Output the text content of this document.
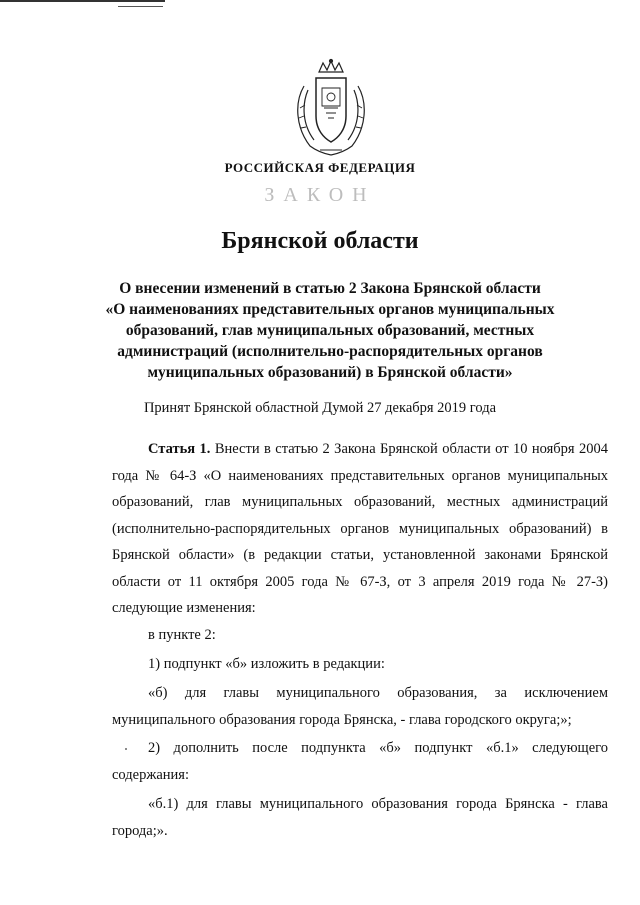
РОССИЙСКАЯ ФЕДЕРАЦИЯ
ЗАКОН
Брянской области
О внесении изменений в статью 2 Закона Брянской области
«О наименованиях представительных органов муниципальных
образований, глав муниципальных образований, местных
администраций (исполнительно-распорядительных органов
муниципальных образований) в Брянской области»
Принят Брянской областной Думой 27 декабря 2019 года
Статья 1. Внести в статью 2 Закона Брянской области от 10 ноября 2004 года № 64-З «О наименованиях представительных органов муниципальных образований, глав муниципальных образований, местных администраций (исполнительно-распорядительных органов муниципальных образований) в Брянской области» (в редакции статьи, установленной законами Брянской области от 11 октября 2005 года № 67-З, от 3 апреля 2019 года № 27-З) следующие изменения:
в пункте 2:
1) подпункт «б» изложить в редакции:
«б) для главы муниципального образования, за исключением муниципального образования города Брянска, - глава городского округа;»;
2) дополнить после подпункта «б» подпункт «б.1» следующего содержания:
«б.1) для главы муниципального образования города Брянска - глава города;».
